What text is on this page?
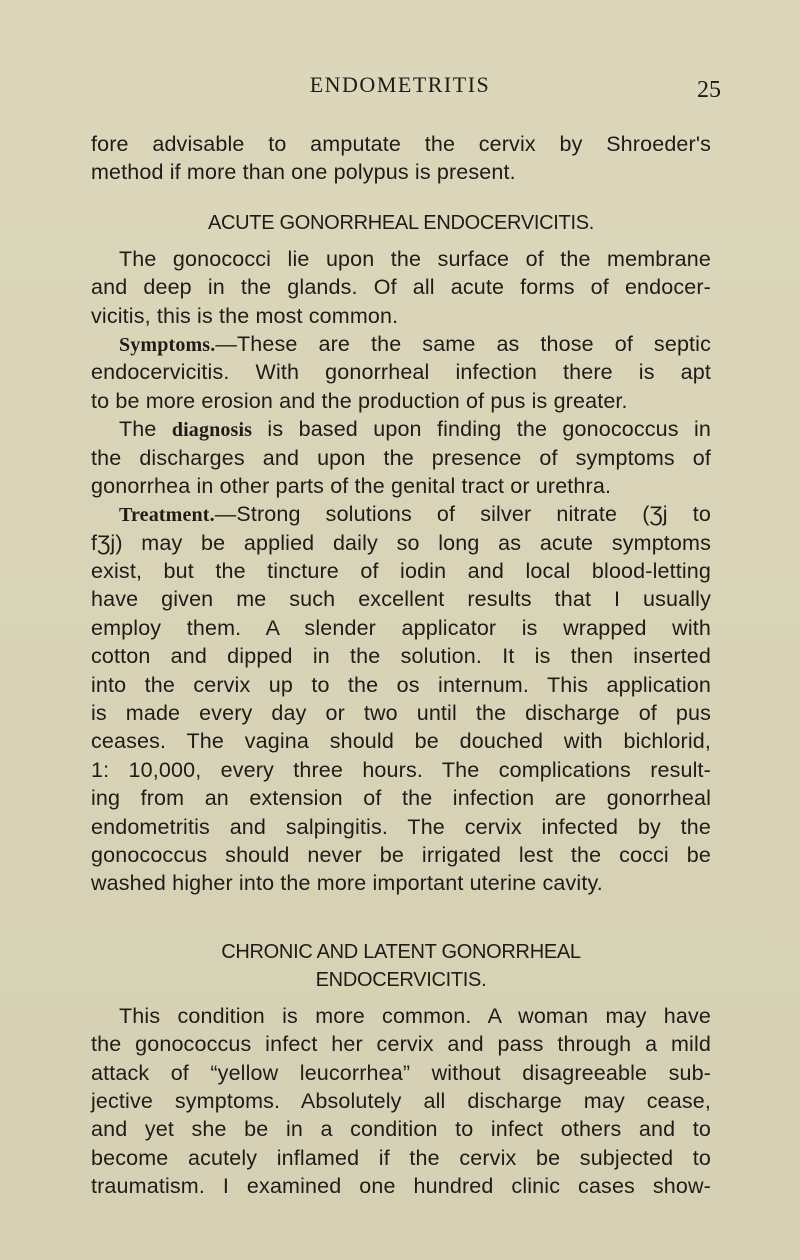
ENDOMETRITIS	25
fore advisable to amputate the cervix by Shroeder's
method if more than one polypus is present.
ACUTE GONORRHEAL ENDOCERVICITIS.
The gonococci lie upon the surface of the membrane
and deep in the glands. Of all acute forms of endocer-
vicitis, this is the most common.
Symptoms.—These are the same as those of septic
endocervicitis. With gonorrheal infection there is apt
to be more erosion and the production of pus is greater.
The diagnosis is based upon finding the gonococcus in
the discharges and upon the presence of symptoms of
gonorrhea in other parts of the genital tract or urethra.
Treatment.—Strong solutions of silver nitrate (Ʒj to
fƷj) may be applied daily so long as acute symptoms
exist, but the tincture of iodin and local blood-letting
have given me such excellent results that I usually
employ them. A slender applicator is wrapped with
cotton and dipped in the solution. It is then inserted
into the cervix up to the os internum. This application
is made every day or two until the discharge of pus
ceases. The vagina should be douched with bichlorid,
1: 10,000, every three hours. The complications result-
ing from an extension of the infection are gonorrheal
endometritis and salpingitis. The cervix infected by the
gonococcus should never be irrigated lest the cocci be
washed higher into the more important uterine cavity.
CHRONIC AND LATENT GONORRHEAL
ENDOCERVICITIS.
This condition is more common. A woman may have
the gonococcus infect her cervix and pass through a mild
attack of “yellow leucorrhea” without disagreeable sub-
jective symptoms. Absolutely all discharge may cease,
and yet she be in a condition to infect others and to
become acutely inflamed if the cervix be subjected to
traumatism. I examined one hundred clinic cases show-
